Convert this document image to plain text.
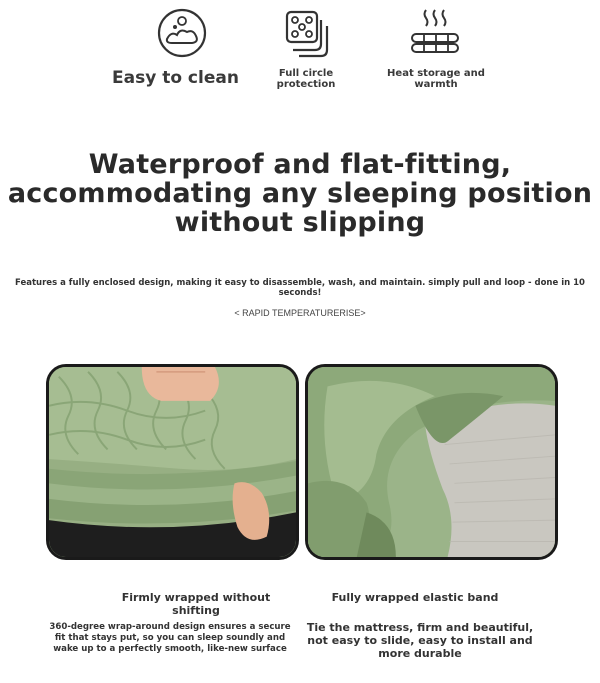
Easy to clean	Full circle protection
Heat storage and warmth
Waterproof and flat-fitting,
accommodating any sleeping position
without slipping
Features a fully enclosed design, making it easy to disassemble, wash, and maintain. simply pull and loop - done in 10 seconds!
< RAPID TEMPERATURERISE>
Firmly wrapped without shifting
Fully wrapped elastic band
360-degree wrap-around design ensures a secure fit that stays put, so you can sleep soundly and wake up to a perfectly smooth, like-new surface
Tie the mattress, firm and beautiful, not easy to slide, easy to install and more durable
